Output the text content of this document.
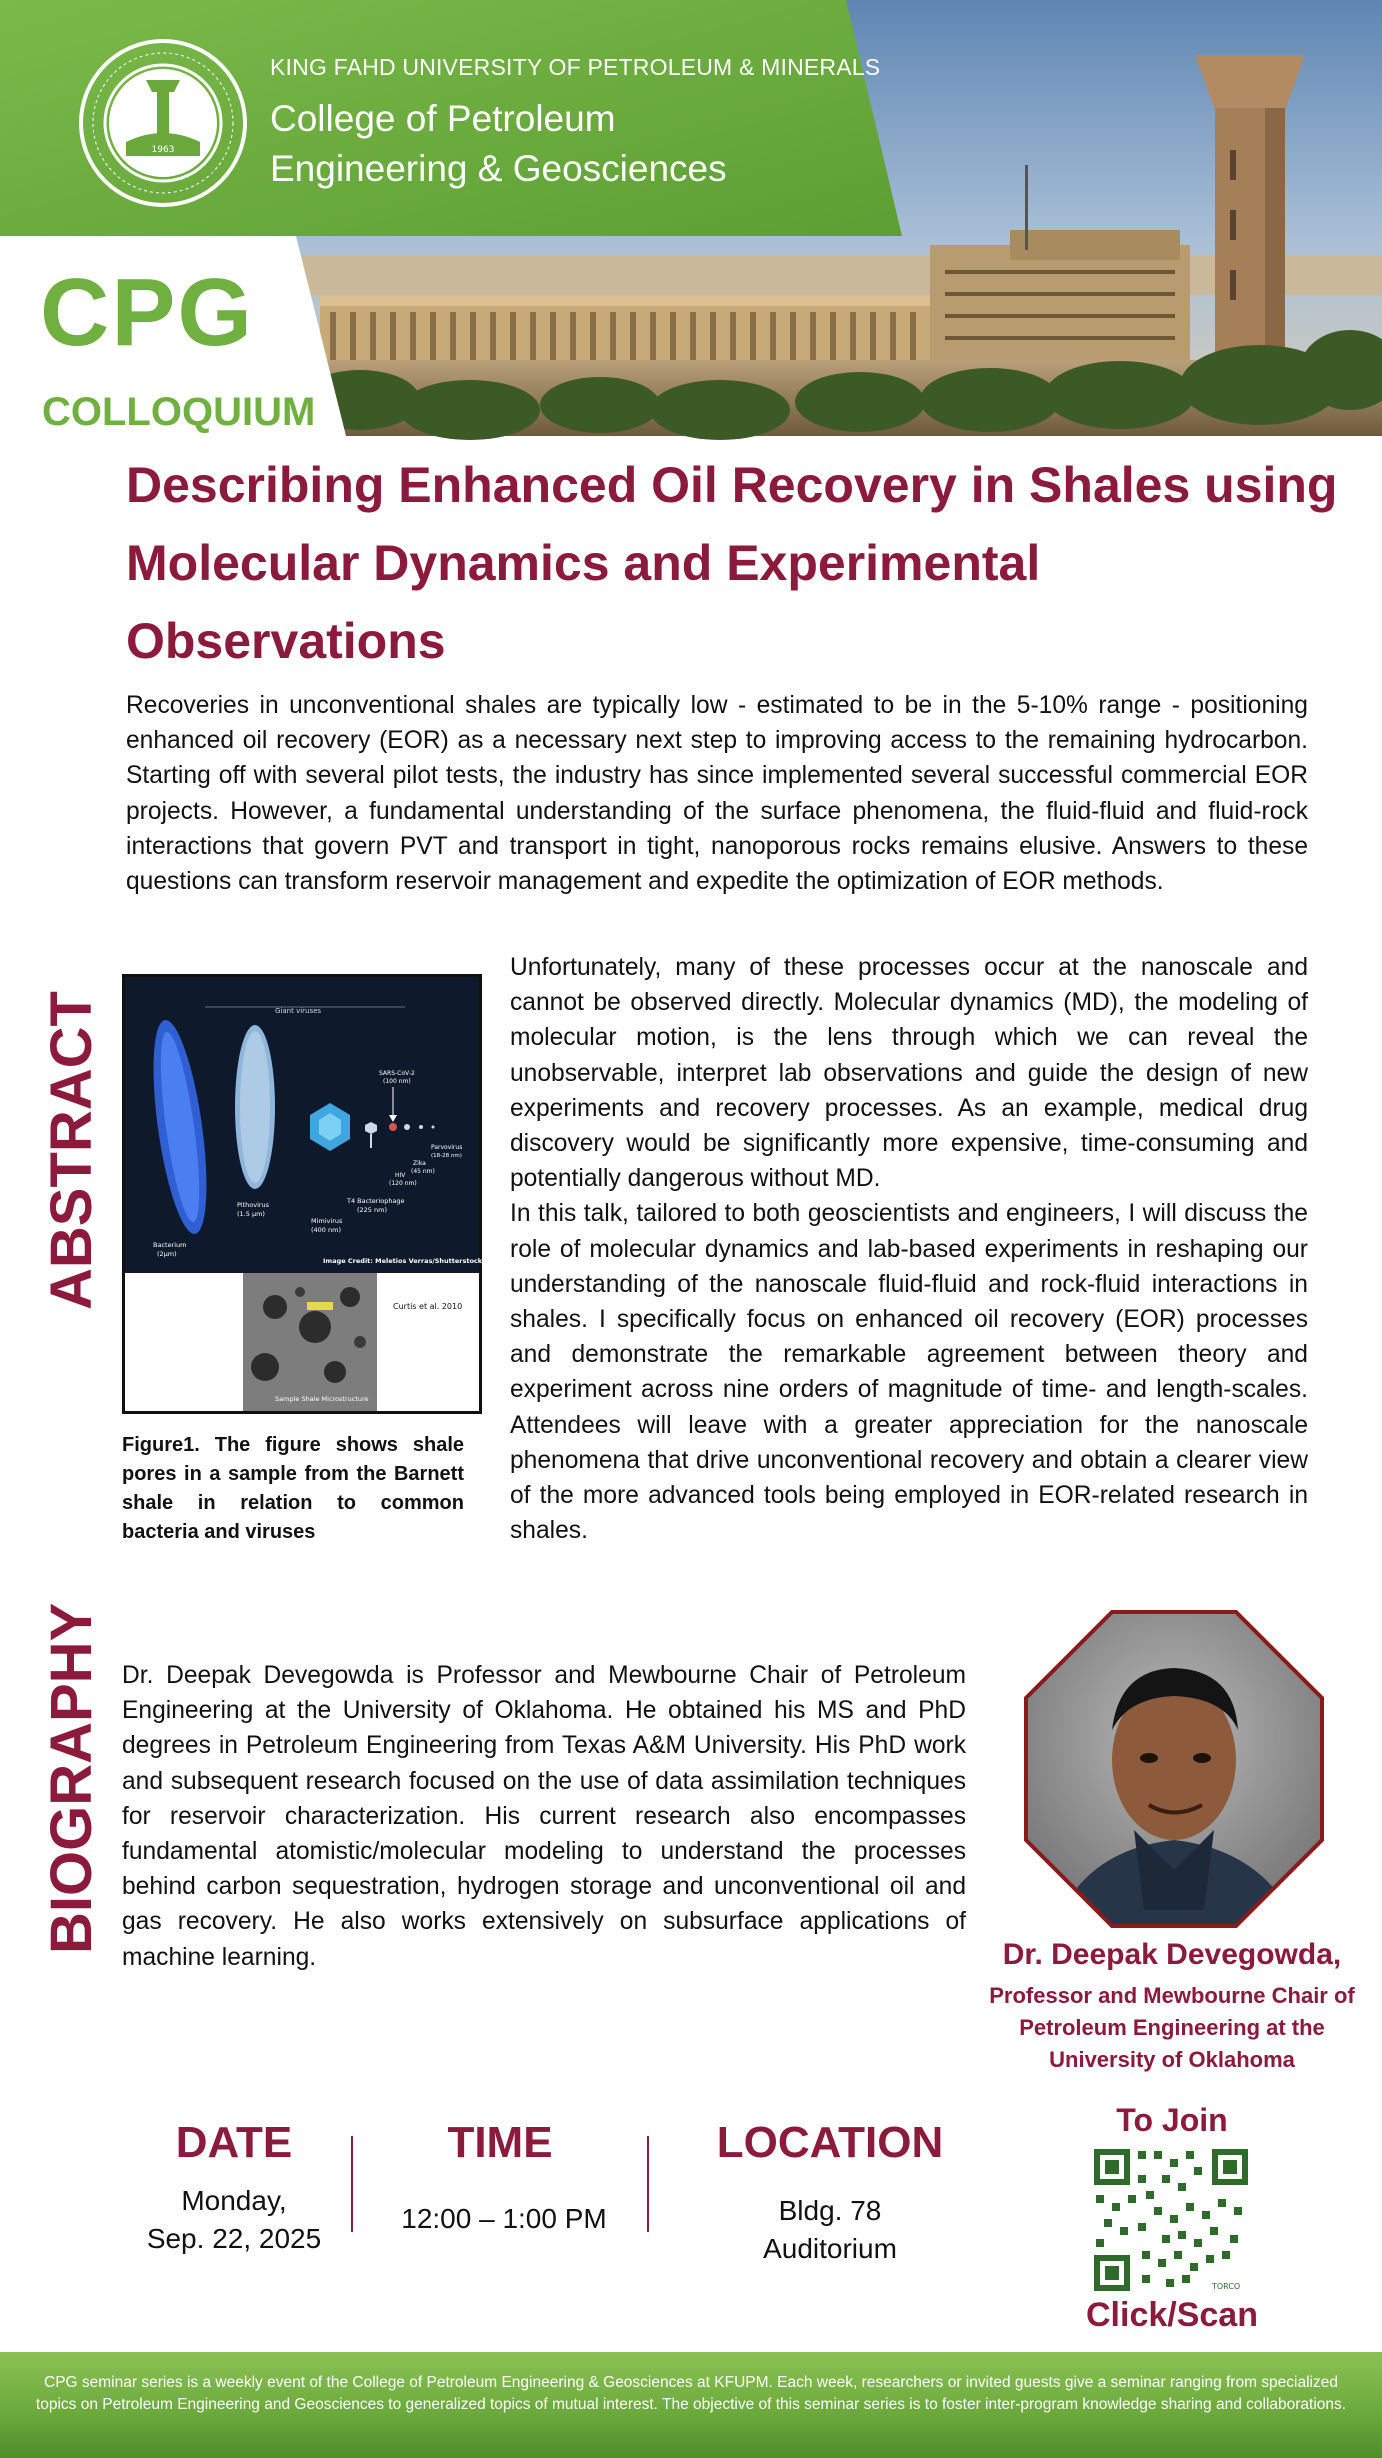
1963
KING FAHD UNIVERSITY OF PETROLEUM & MINERALS
College of Petroleum
Engineering & Geosciences
CPG
COLLOQUIUM
Describing Enhanced Oil Recovery in Shales using Molecular Dynamics and Experimental Observations
Recoveries in unconventional shales are typically low - estimated to be in the 5-10% range - positioning enhanced oil recovery (EOR) as a necessary next step to improving access to the remaining hydrocarbon. Starting off with several pilot tests, the industry has since implemented several successful commercial EOR projects. However, a fundamental understanding of the surface phenomena, the fluid-fluid and fluid-rock interactions that govern PVT and transport in tight, nanoporous rocks remains elusive. Answers to these questions can transform reservoir management and expedite the optimization of EOR methods.
ABSTRACT	Giant viruses
Bacterium
(2μm)
Pithovirus
(1.5 μm)
Mimivirus
(400 nm)
T4 Bacteriophage
(225 nm)
SARS-CoV-2
(100 nm)
HIV
(120 nm)
Zika
(45 nm)
Parvovirus
(18-28 nm)
Image Credit: Meletios Verras/Shutterstock.com
Sample Shale Microstructure
Curtis et al. 2010
Figure1. The figure shows shale pores in a sample from the Barnett shale in relation to common bacteria and viruses
Unfortunately, many of these processes occur at the nanoscale and cannot be observed directly. Molecular dynamics (MD), the modeling of molecular motion, is the lens through which we can reveal the unobservable, interpret lab observations and guide the design of new experiments and recovery processes. As an example, medical drug discovery would be significantly more expensive, time-consuming and potentially dangerous without MD.
In this talk, tailored to both geoscientists and engineers, I will discuss the role of molecular dynamics and lab-based experiments in reshaping our understanding of the nanoscale fluid-fluid and rock-fluid interactions in shales. I specifically focus on enhanced oil recovery (EOR) processes and demonstrate the remarkable agreement between theory and experiment across nine orders of magnitude of time- and length-scales. Attendees will leave with a greater appreciation for the nanoscale phenomena that drive unconventional recovery and obtain a clearer view of the more advanced tools being employed in EOR-related research in shales.
BIOGRAPHY Dr. Deepak Devegowda is Professor and Mewbourne Chair of Petroleum Engineering at the University of Oklahoma. He obtained his MS and PhD degrees in Petroleum Engineering from Texas A&M University. His PhD work and subsequent research focused on the use of data assimilation techniques for reservoir characterization. His current research also encompasses fundamental atomistic/molecular modeling to understand the processes behind carbon sequestration, hydrogen storage and unconventional oil and gas recovery. He also works extensively on subsurface applications of machine learning.	Dr. Deepak Devegowda,
Professor and Mewbourne Chair of Petroleum Engineering at the University of Oklahoma
DATE
Monday,
Sep. 22, 2025
TIME
12:00 – 1:00 PM
LOCATION
Bldg. 78
Auditorium
To Join
TORCO
Click/Scan
CPG seminar series is a weekly event of the College of Petroleum Engineering & Geosciences at KFUPM. Each week, researchers or invited guests give a seminar ranging from specialized topics on Petroleum Engineering and Geosciences to generalized topics of mutual interest. The objective of this seminar series is to foster inter-program knowledge sharing and collaborations.
